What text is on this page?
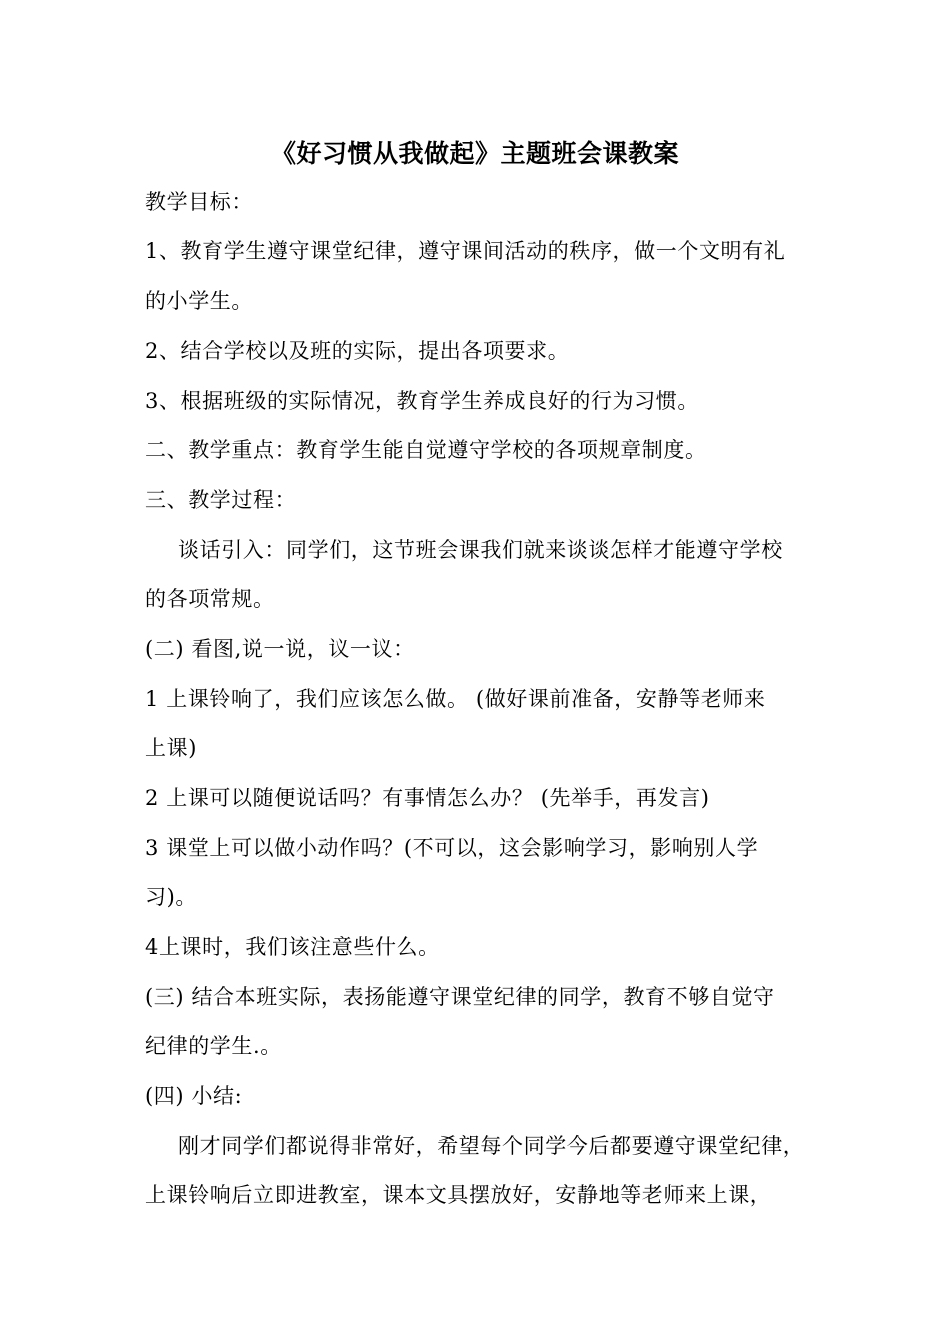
《好习惯从我做起》主题班会课教案
教学目标：
1、教育学生遵守课堂纪律，遵守课间活动的秩序，做一个文明有礼
的小学生。
2、结合学校以及班的实际，提出各项要求。
3、根据班级的实际情况，教育学生养成良好的行为习惯。
二、教学重点：教育学生能自觉遵守学校的各项规章制度。
三、教学过程：
谈话引入：同学们，这节班会课我们就来谈谈怎样才能遵守学校
的各项常规。
(二) 看图,说一说，议一议：
1 上课铃响了，我们应该怎么做。 (做好课前准备，安静等老师来
上课)
2 上课可以随便说话吗？有事情怎么办？ (先举手，再发言)
3 课堂上可以做小动作吗？(不可以，这会影响学习，影响别人学
习)。
4上课时，我们该注意些什么。
(三) 结合本班实际，表扬能遵守课堂纪律的同学，教育不够自觉守
纪律的学生.。
(四) 小结:
刚才同学们都说得非常好，希望每个同学今后都要遵守课堂纪律，
上课铃响后立即进教室，课本文具摆放好，安静地等老师来上课，
